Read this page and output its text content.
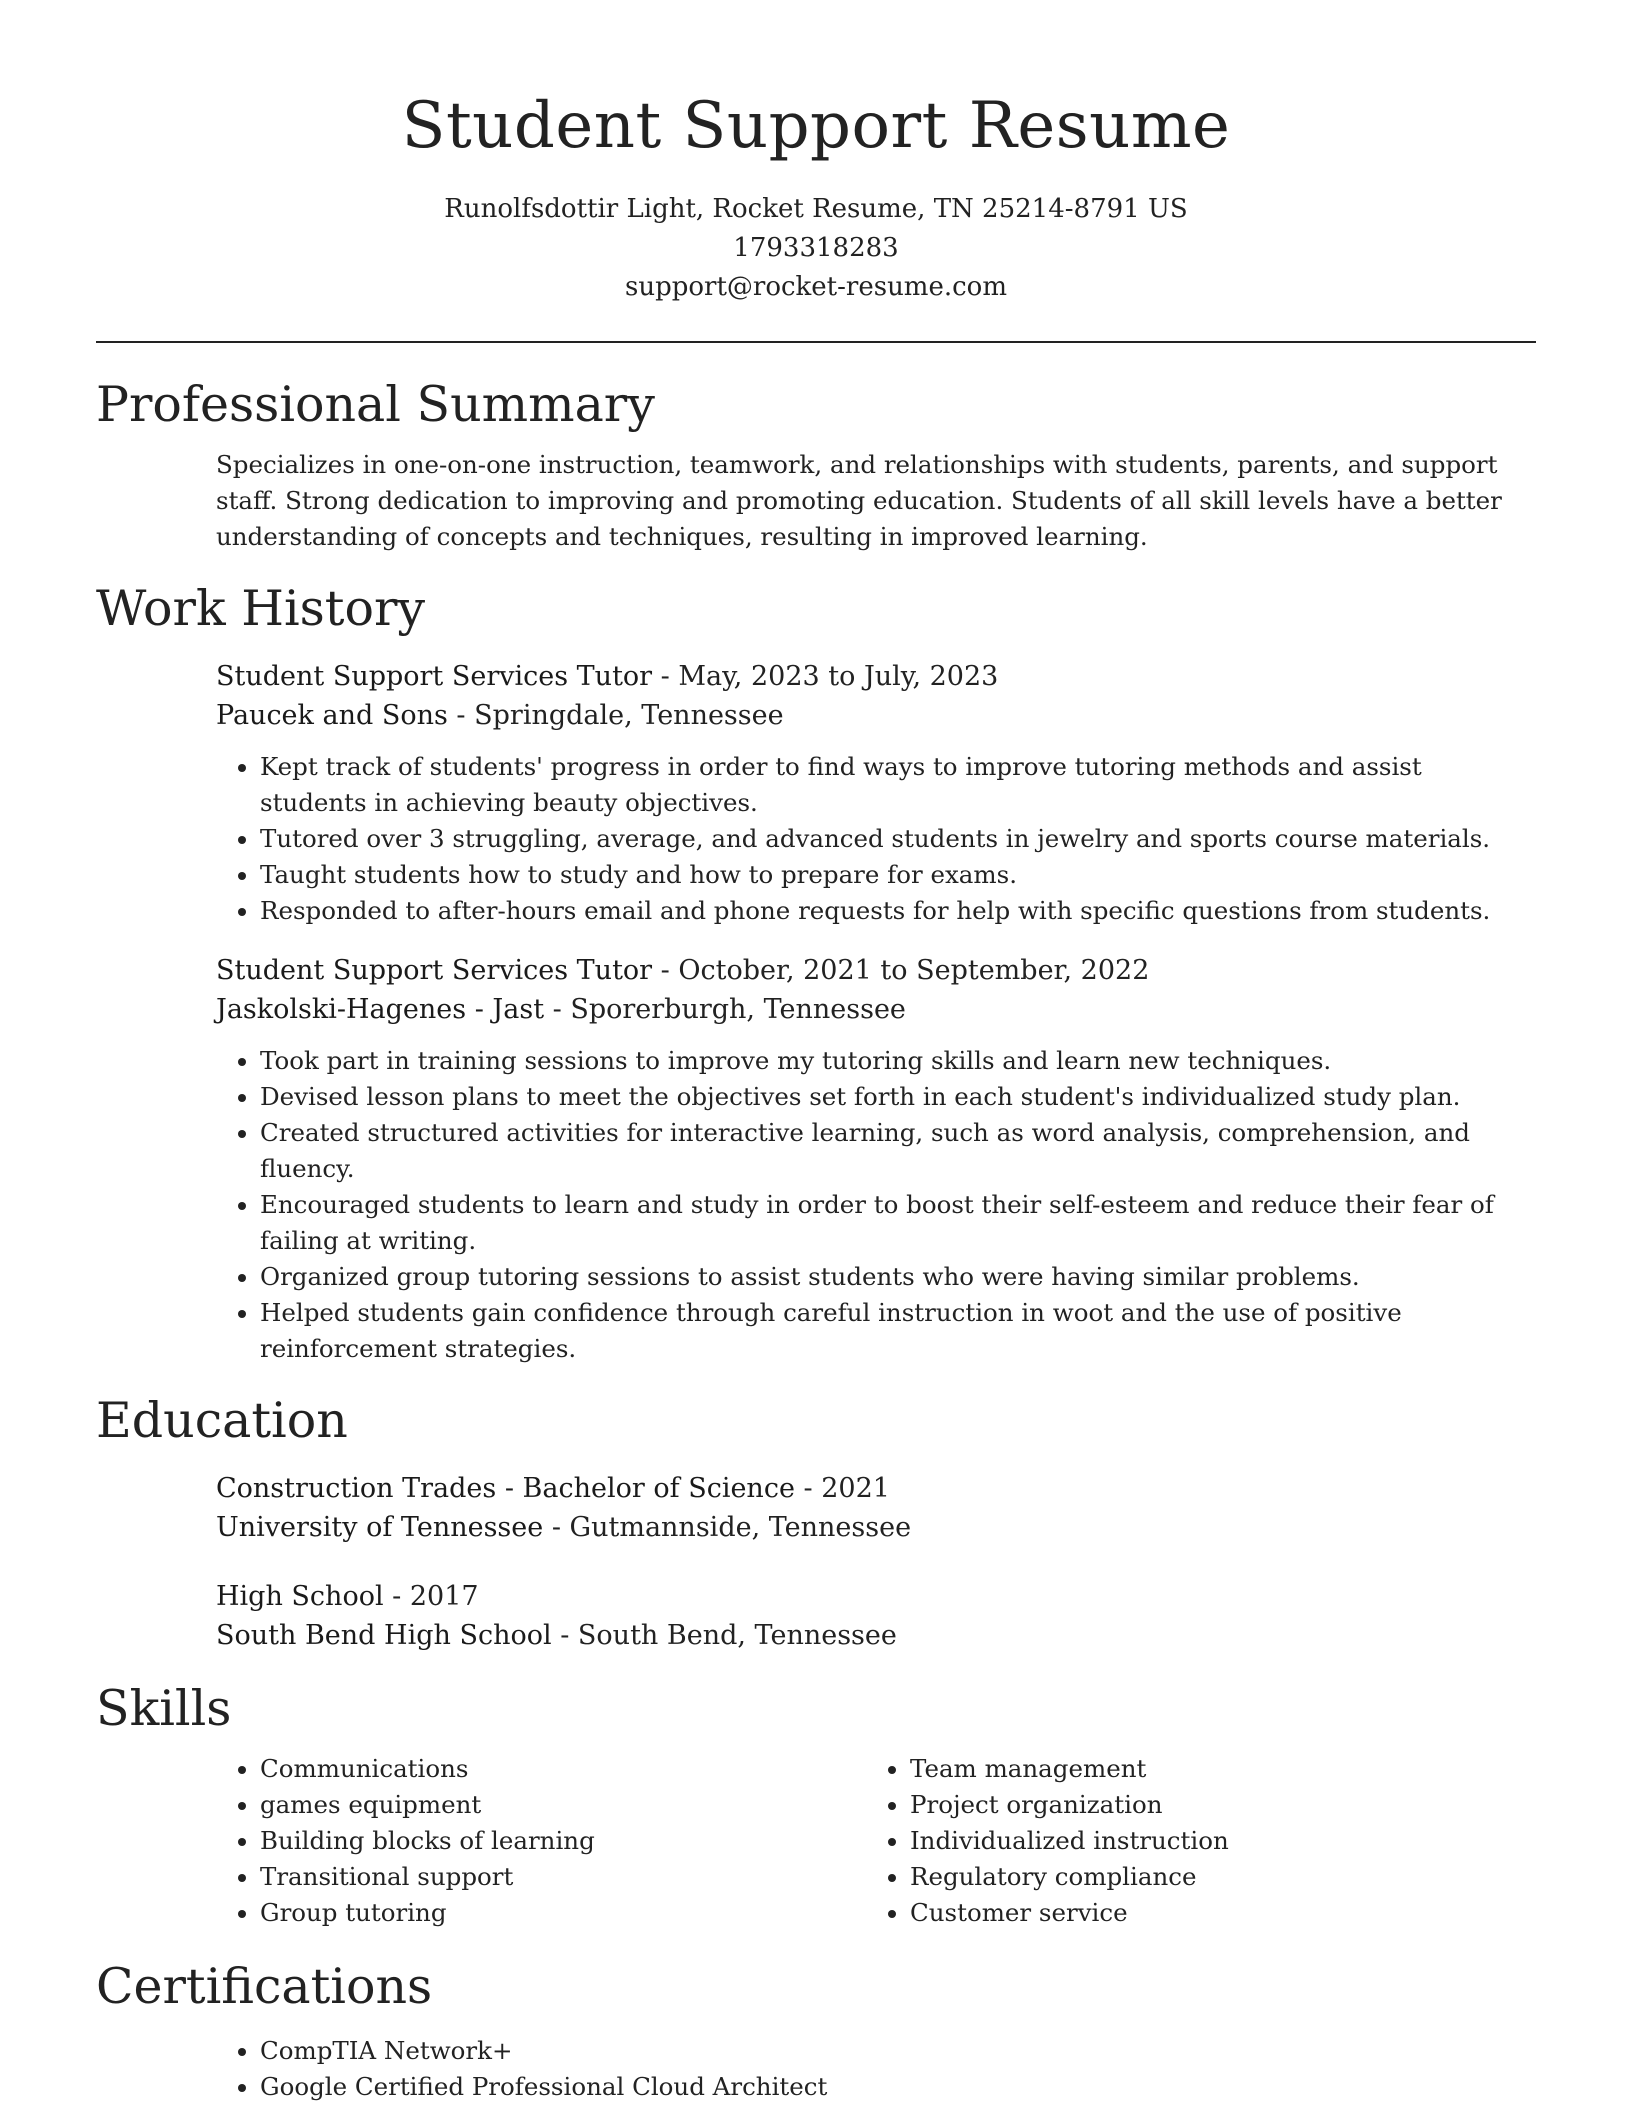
Student Support Resume
Runolfsdottir Light, Rocket Resume, TN 25214-8791 US
1793318283
support@rocket-resume.com
Professional Summary
Specializes in one-on-one instruction, teamwork, and relationships with students, parents, and support staff. Strong dedication to improving and promoting education. Students of all skill levels have a better understanding of concepts and techniques, resulting in improved learning.
Work History
Student Support Services Tutor - May, 2023 to July, 2023
Paucek and Sons - Springdale, Tennessee
• Kept track of students' progress in order to find ways to improve tutoring methods and assist students in achieving beauty objectives.
• Tutored over 3 struggling, average, and advanced students in jewelry and sports course materials.
• Taught students how to study and how to prepare for exams.
• Responded to after-hours email and phone requests for help with specific questions from students.
Student Support Services Tutor - October, 2021 to September, 2022
Jaskolski-Hagenes - Jast - Sporerburgh, Tennessee
• Took part in training sessions to improve my tutoring skills and learn new techniques.
• Devised lesson plans to meet the objectives set forth in each student's individualized study plan.
• Created structured activities for interactive learning, such as word analysis, comprehension, and fluency.
• Encouraged students to learn and study in order to boost their self-esteem and reduce their fear of failing at writing.
• Organized group tutoring sessions to assist students who were having similar problems.
• Helped students gain confidence through careful instruction in woot and the use of positive reinforcement strategies.
Education
Construction Trades - Bachelor of Science - 2021
University of Tennessee - Gutmannside, Tennessee
High School - 2017
South Bend High School - South Bend, Tennessee
Skills
• Communications
• games equipment
• Building blocks of learning
• Transitional support
• Group tutoring
• Team management
• Project organization
• Individualized instruction
• Regulatory compliance
• Customer service
Certifications
• CompTIA Network+
• Google Certified Professional Cloud Architect
